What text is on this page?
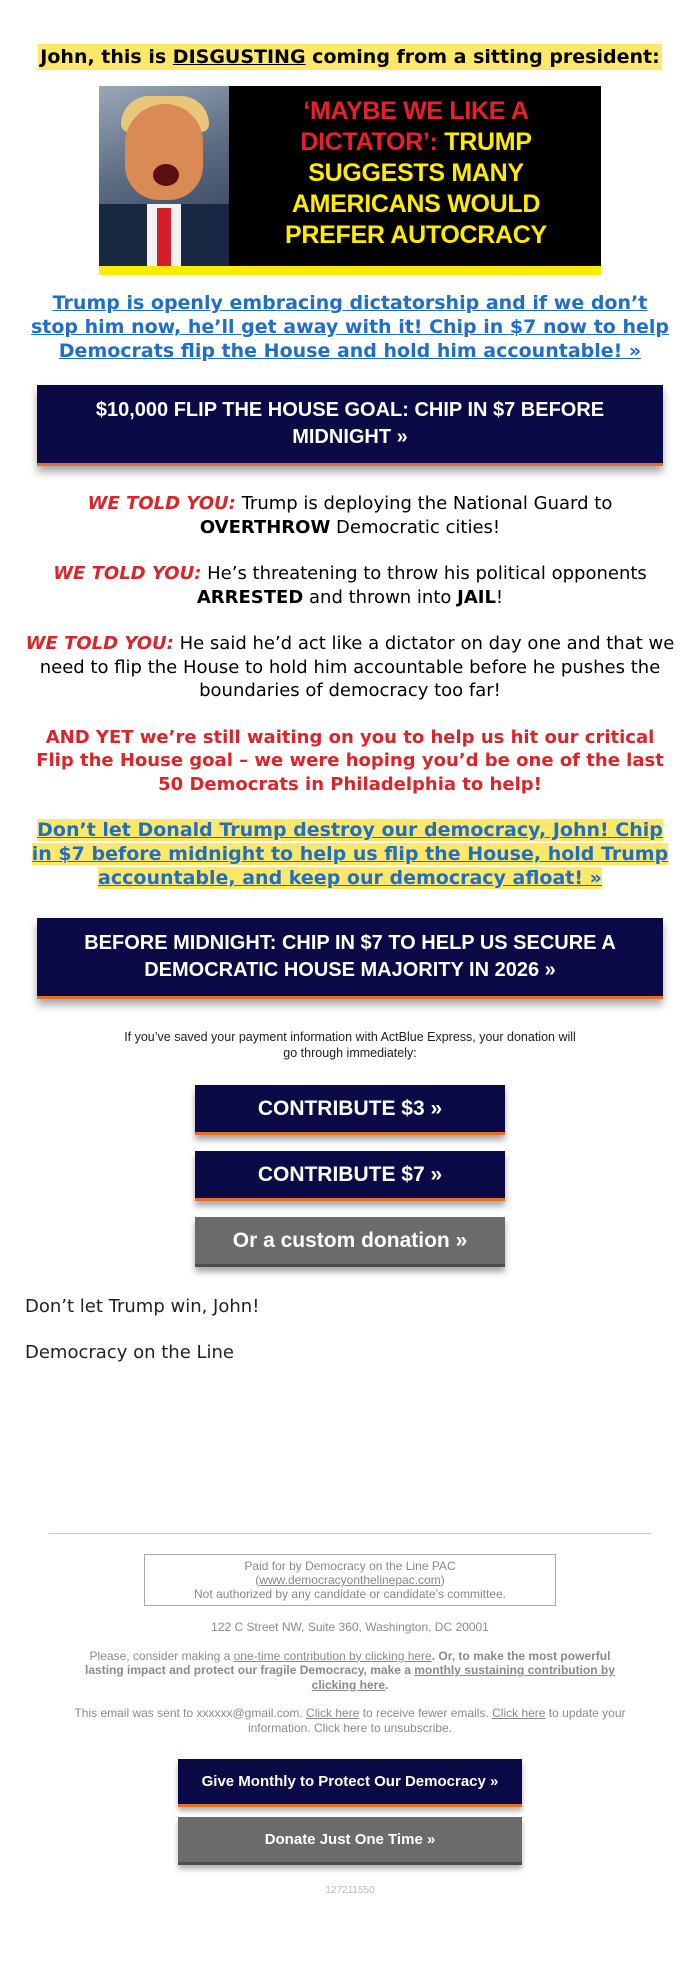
John, this is DISGUSTING coming from a sitting president:

‘MAYBE WE LIKE A DICTATOR’: TRUMP SUGGESTS MANY AMERICANS WOULD PREFER AUTOCRACY

Trump is openly embracing dictatorship and if we don’t stop him now, he’ll get away with it! Chip in $7 now to help Democrats flip the House and hold him accountable! »

$10,000 FLIP THE HOUSE GOAL: CHIP IN $7 BEFORE MIDNIGHT »

WE TOLD YOU: Trump is deploying the National Guard to OVERTHROW Democratic cities!

WE TOLD YOU: He’s threatening to throw his political opponents ARRESTED and thrown into JAIL!

WE TOLD YOU: He said he’d act like a dictator on day one and that we need to flip the House to hold him accountable before he pushes the boundaries of democracy too far!

AND YET we’re still waiting on you to help us hit our critical Flip the House goal – we were hoping you’d be one of the last 50 Democrats in Philadelphia to help!

Don’t let Donald Trump destroy our democracy, John! Chip in $7 before midnight to help us flip the House, hold Trump accountable, and keep our democracy afloat! »

BEFORE MIDNIGHT: CHIP IN $7 TO HELP US SECURE A DEMOCRATIC HOUSE MAJORITY IN 2026 »

If you’ve saved your payment information with ActBlue Express, your donation will go through immediately:

CONTRIBUTE $3 »
CONTRIBUTE $7 »
Or a custom donation »

Don’t let Trump win, John!

Democracy on the Line

Paid for by Democracy on the Line PAC
(www.democracyonthelinepac.com)
Not authorized by any candidate or candidate’s committee.

122 C Street NW, Suite 360, Washington, DC 20001

Please, consider making a one-time contribution by clicking here. Or, to make the most powerful lasting impact and protect our fragile Democracy, make a monthly sustaining contribution by clicking here.

This email was sent to xxxxxx@gmail.com. Click here to receive fewer emails. Click here to update your information. Click here to unsubscribe.

Give Monthly to Protect Our Democracy »
Donate Just One Time »
127211550
